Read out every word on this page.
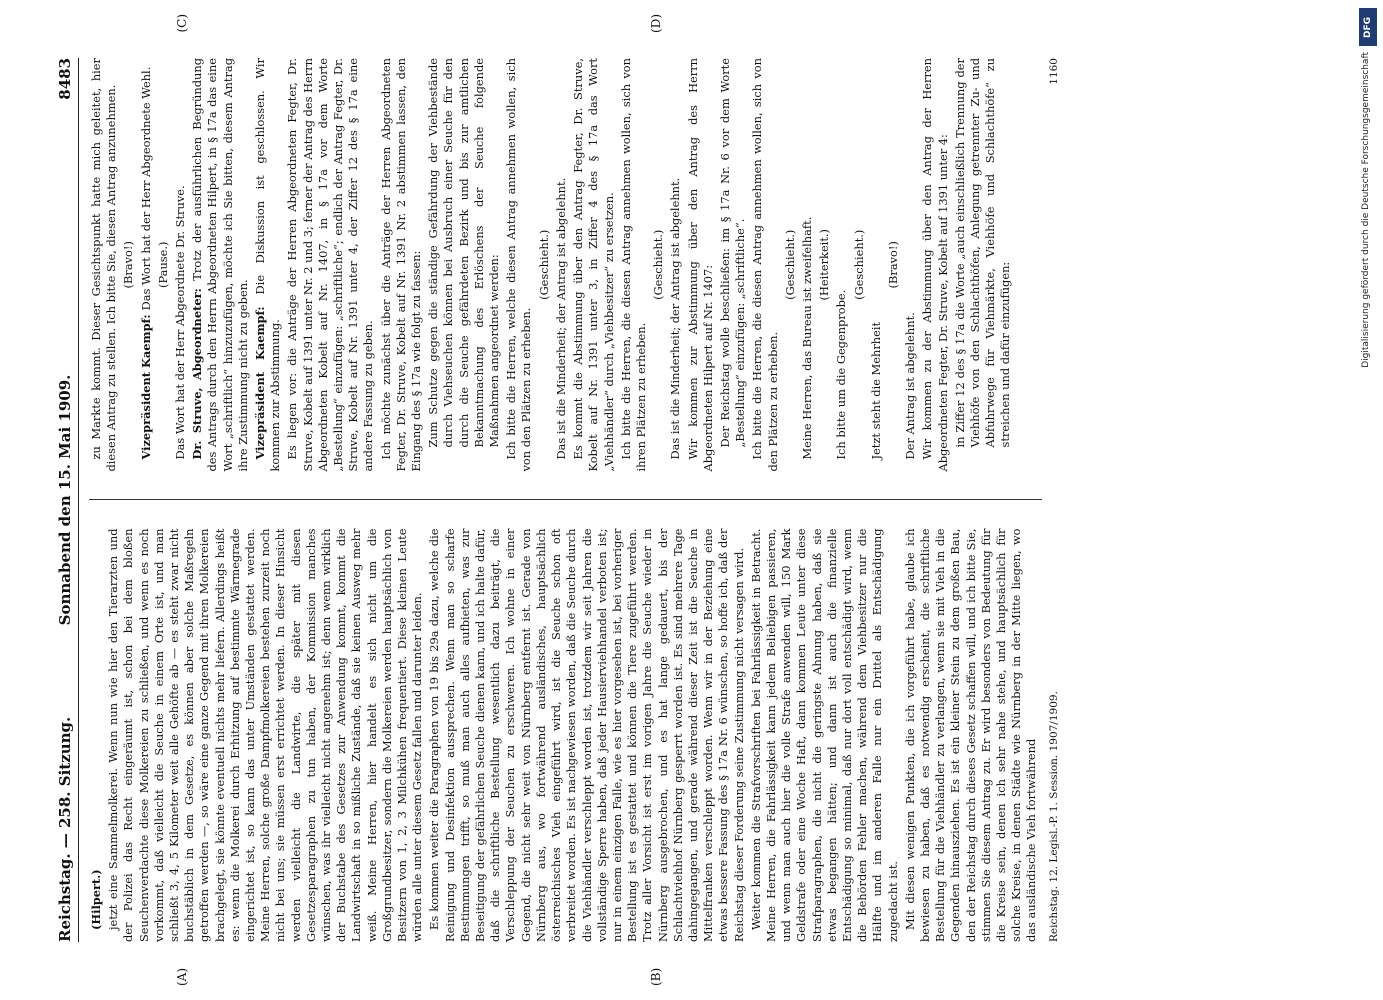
Reichstag. — 258. Sitzung.
Sonnabend den 15. Mai 1909.
8483
(A)	(B)
(C)	(D)

(Hilpert.) jetzt eine Sammelmolkerei. Wenn nun wie hier den Tierarzten und der Polizei das Recht eingeräumt ist, schon bei dem bloßen Seuchenverdachte diese Molkereien zu schließen, und wenn es noch vorkommt, daß vielleicht die Seuche in einem Orte ist, und man schließt 3, 4, 5 Kilometer weit alle Gehöfte ab — es steht zwar nicht buchstäblich in dem Gesetze, es können aber solche Maßregeln getroffen werden —, so wäre eine ganze Gegend mit ihren Molkereien brachgelegt, sie könnte eventuell nichts mehr liefern. Allerdings heißt es: wenn die Molkerei durch Erhitzung auf bestimmte Wärmegrade eingerichtet ist, so kann das unter Umständen gestattet werden. Meine Herren, solche große Dampfmolkereien bestehen zurzeit noch nicht bei uns; sie müssen erst errichtet werden. In dieser Hinsicht werden vielleicht die Landwirte, die später mit diesen Gesetzesparagraphen zu tun haben, der Kommission manches wünschen, was ihr vielleicht nicht angenehm ist; denn wenn wirklich der Buchstabe des Gesetzes zur Anwendung kommt, kommt die Landwirtschaft in so mißliche Zustände, daß sie keinen Ausweg mehr weiß. Meine Herren, hier handelt es sich nicht um die Großgrundbesitzer, sondern die Molkereien werden hauptsächlich von Besitzern von 1, 2, 3 Milchkühen frequentiert. Diese kleinen Leute würden alle unter diesem Gesetz fallen und darunter leiden. Es kommen weiter die Paragraphen von 19 bis 29a dazu, welche die Reinigung und Desinfektion aussprechen. Wenn man so scharfe Bestimmungen trifft, so muß man auch alles aufbieten, was zur Beseitigung der gefährlichen Seuche dienen kann, und ich halte dafür, daß die schriftliche Bestellung wesentlich dazu beiträgt, die Verschleppung der Seuchen zu erschweren. Ich wohne in einer Gegend, die nicht sehr weit von Nürnberg entfernt ist. Gerade von Nürnberg aus, wo fortwährend ausländisches, hauptsächlich österreichisches Vieh eingeführt wird, ist die Seuche schon oft verbreitet worden. Es ist nachgewiesen worden, daß die Seuche durch die Viehhändler verschleppt worden ist, trotzdem wir seit Jahren die vollständige Sperre haben, daß jeder Hausierviehhandel verboten ist; nur in einem einzigen Falle, wie es hier vorgesehen ist, bei vorheriger Bestellung ist es gestattet und können die Tiere zugeführt werden. Trotz aller Vorsicht ist erst im vorigen Jahre die Seuche wieder in Nürnberg ausgebrochen, und es hat lange gedauert, bis der Schlachtviehhof Nürnberg gesperrt worden ist. Es sind mehrere Tage dahingegangen, und gerade während dieser Zeit ist die Seuche in Mittelfranken verschleppt worden. Wenn wir in der Beziehung eine etwas bessere Fassung des § 17a Nr. 6 wünschen, so hoffe ich, daß der Reichstag dieser Forderung seine Zustimmung nicht versagen wird. Weiter kommen die Strafvorschriften bei Fahrlässigkeit in Betracht. Meine Herren, die Fahrlässigkeit kann jedem Beliebigen passieren, und wenn man auch hier die volle Strafe anwenden will, 150 Mark Geldstrafe oder eine Woche Haft, dann kommen Leute unter diese Strafparagraphen, die nicht die geringste Ahnung haben, daß sie etwas begangen hätten; und dann ist auch die finanzielle Entschädigung so minimal, daß nur dort voll entschädigt wird, wenn die Behörden Fehler machen, während dem Viehbesitzer nur die Hälfte und im anderen Falle nur ein Drittel als Entschädigung zugedacht ist. Mit diesen wenigen Punkten, die ich vorgeführt habe, glaube ich bewiesen zu haben, daß es notwendig erscheint, die schriftliche Bestellung für die Viehhändler zu verlangen, wenn sie mit Vieh in die Gegenden hinausziehen. Es ist ein kleiner Stein zu dem großen Bau, den der Reichstag durch dieses Gesetz schaffen will, und ich bitte Sie, stimmen Sie diesem Antrag zu. Er wird besonders von Bedeutung für die Kreise sein, denen ich sehr nahe stehe, und hauptsächlich für solche Kreise, in denen Städte wie Nürnberg in der Mitte liegen, wo das ausländische Vieh fortwährend

zu Markte kommt. Dieser Gesichtspunkt hatte mich geleitet, hier diesen Antrag zu stellen. Ich bitte Sie, diesen Antrag anzunehmen. (Bravo!)

Vizepräsident Kaempf: Das Wort hat der Herr Abgeordnete Wehl. (Pause.) Das Wort hat der Herr Abgeordnete Dr. Struve. Dr. Struve, Abgeordneter: Trotz der ausführlichen Begründung des Antrags durch den Herrn Abgeordneten Hilpert, in § 17a das eine Wort „schriftlich“ hinzuzufügen, möchte ich Sie bitten, diesem Antrag ihre Zustimmung nicht zu geben. Vizepräsident Kaempf: Die Diskussion ist geschlossen. Wir kommen zur Abstimmung. Es liegen vor: die Anträge der Herren Abgeordneten Fegter, Dr. Struve, Kobelt auf 1391 unter Nr. 2 und 3; ferner der Antrag des Herrn Abgeordneten Kobelt auf Nr. 1407, in § 17a vor dem Worte „Bestellung“ einzufügen: „schriftliche“; endlich der Antrag Fegter, Dr. Struve, Kobelt auf Nr. 1391 unter 4, der Ziffer 12 des § 17a eine andere Fassung zu geben. Ich möchte zunächst über die Anträge der Herren Abgeordneten Fegter, Dr. Struve, Kobelt auf Nr. 1391 Nr. 2 abstimmen lassen, den Eingang des § 17a wie folgt zu fassen: Zum Schutze gegen die ständige Gefährdung der Viehbestände durch Viehseuchen können bei Ausbruch einer Seuche für den durch die Seuche gefährdeten Bezirk und bis zur amtlichen Bekanntmachung des Erlöschens der Seuche folgende Maßnahmen angeordnet werden: Ich bitte die Herren, welche diesen Antrag annehmen wollen, sich von den Plätzen zu erheben.

(Geschieht.) Das ist die Minderheit; der Antrag ist abgelehnt. Es kommt die Abstimmung über den Antrag Fegter, Dr. Struve, Kobelt auf Nr. 1391 unter 3, in Ziffer 4 des § 17a das Wort „Viehhändler“ durch „Viehbesitzer“ zu ersetzen. Ich bitte die Herren, die diesen Antrag annehmen wollen, sich von ihren Plätzen zu erheben.

(Geschieht.) Das ist die Minderheit; der Antrag ist abgelehnt. Wir kommen zur Abstimmung über den Antrag des Herrn Abgeordneten Hilpert auf Nr. 1407: Der Reichstag wolle beschließen: im § 17a Nr. 6 vor dem Worte „Bestellung“ einzufügen: „schriftliche“. Ich bitte die Herren, die diesen Antrag annehmen wollen, sich von den Plätzen zu erheben.

(Geschieht.) Meine Herren, das Bureau ist zweifelhaft. (Heiterkeit.)

Ich bitte um die Gegenprobe.

(Geschieht.)

Jetzt steht die Mehrheit

(Bravo!)

Der Antrag ist abgelehnt. Wir kommen zu der Abstimmung über den Antrag der Herren Abgeordneten Fegter, Dr. Struve, Kobelt auf 1391 unter 4: in Ziffer 12 des § 17a die Worte „auch einschließlich Trennung der Viehhöfe von den Schlachthöfen, Anlegung getrennter Zu- und Abfuhrwege für Viehmärkte, Viehhöfe und Schlachthöfe“ zu streichen und dafür einzufügen:

Reichstag. 12. Legisl.-P. 1. Session. 1907/1909.
1160
DFG
Digitalisierung gefördert durch die Deutsche Forschungsgemeinschaft
